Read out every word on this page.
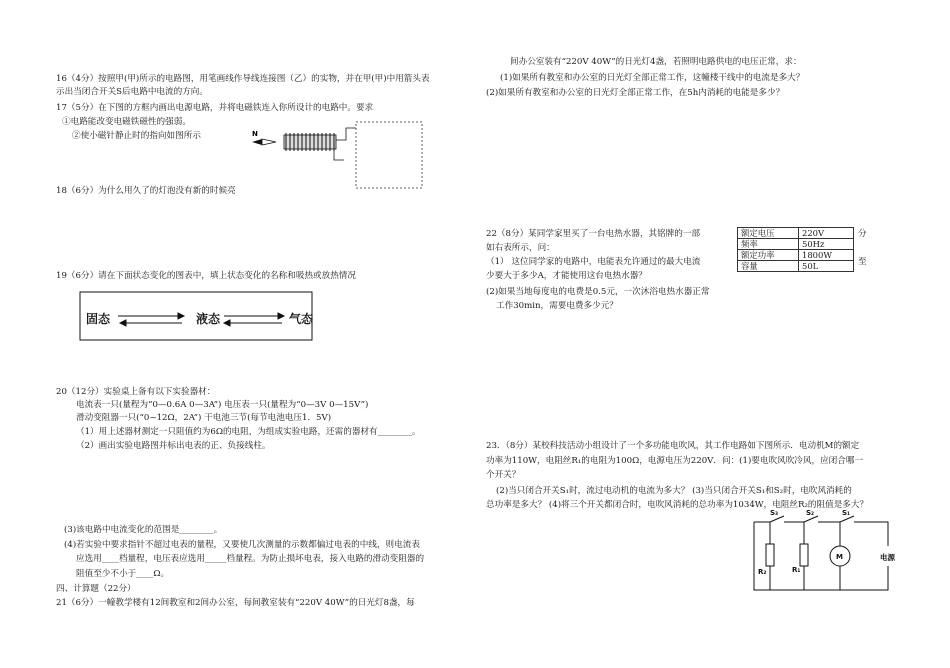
16（4分）按照甲(甲)所示的电路图，用笔画线作导线连接图（乙）的实物，并在甲(甲)中用箭头表
示出当闭合开关S后电路中电流的方向。
17（5分）在下图的方框内画出电源电路，并将电磁铁连入你所设计的电路中。要求
①电路能改变电磁铁磁性的强弱。
②使小磁针静止时的指向如图所示	N
18（6分）为什么用久了的灯泡没有新的时候亮
19（6分）请在下面状态变化的图表中，填上状态变化的名称和吸热或放热情况
固态	液态	气态
20（12分）实验桌上备有以下实验器材：
电流表一只(量程为“0—0.6A 0—3A”) 电压表一只(量程为“0—3V 0—15V”)
滑动变阻器一只(“0~12Ω，2A”) 干电池三节(每节电池电压1．5V)
（1）用上述器材测定一只阻值约为6Ω的电阻，为组成实验电路，还需的器材有________。
（2）画出实验电路图并标出电表的正、负接线柱。
(3)该电路中电流变化的范围是________。
(4)若实验中要求指针不超过电表的量程，又要使几次测量的示数都偏过电表的中线，则电流表
应选用____档量程，电压表应选用_____档量程。为防止损坏电表，接入电路的滑动变阻器的
阻值至少不小于____Ω。
四、计算题（22分）
21（6分）一幢教学楼有12间教室和2间办公室，每间教室装有“220V 40W”的日光灯8盏，每
间办公室装有“220V 40W”的日光灯4盏，若照明电路供电的电压正常，求：
(1)如果所有教室和办公室的日光灯全部正常工作，这幢楼干线中的电流是多大？
(2)如果所有教室和办公室的日光灯全部正常工作，在5h内消耗的电能是多少？
22（8分）某同学家里买了一台电热水器，其铭牌的一部
如右表所示，问：
（1） 这位同学家的电路中，电能表允许通过的最大电流
少要大于多少A，才能使用这台电热水器？
(2)如果当地每度电的电费是0.5元，一次沐浴电热水器正常
工作30min，需要电费多少元？
分
至
额定电压	220V
频率	50Hz
额定功率	1800W
容量	50L
23．（8分）某校科技活动小组设计了一个多功能电吹风，其工作电路如下图所示．电动机M的额定
功率为110W，电阻丝R₁的电阻为100Ω，电源电压为220V．问：(1)要电吹风吹冷风，应闭合哪一
个开关？
(2)当只闭合开关S₁时，流过电动机的电流为多大？ (3)当只闭合开关S₁和S₂时，电吹风消耗的
总功率是多大？ (4)将三个开关都闭合时，电吹风消耗的总功率为1034W，电阻丝R₂的阻值是多大？
S₃	S₂	S₁
R₂	R₁
M	电源
